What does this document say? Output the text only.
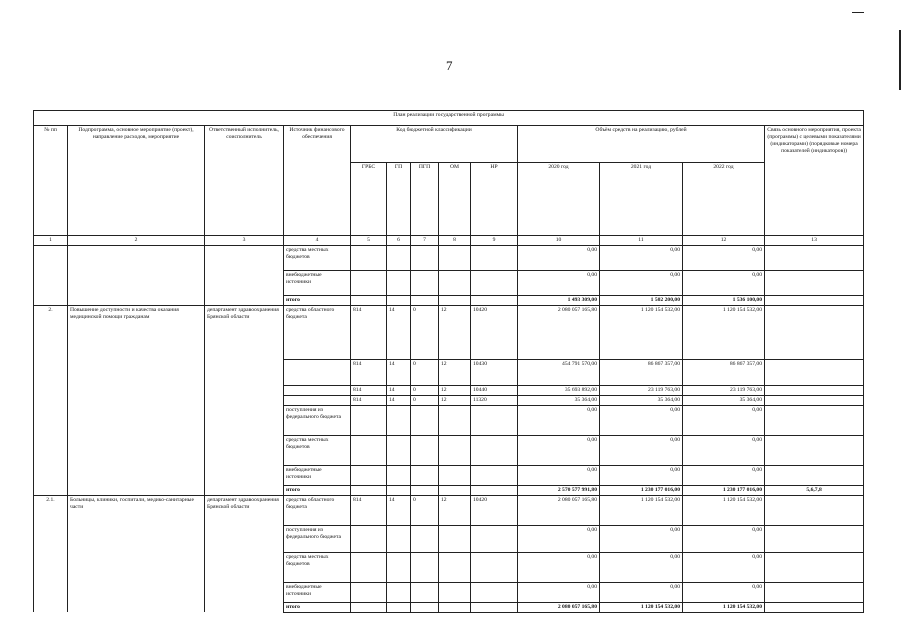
7
План реализации государственной программы												
№ пп	Подпрограмма, основное мероприятие (проект), направление расходов, мероприятие	Ответственный исполнитель, соисполнитель	Источник финансового обеспечения	Код бюджетной классификации					Объём средств на реализацию, рублей			Связь основного мероприятия, проекта (программы) с целевыми показателями (индикаторами) (порядковые номера показателей (индикаторов))
				ГРБС	ГП	ПГП	ОМ	НР	2020 год	2021 год	2022 год	
1	2	3	4	5	6	7	8	9	10	11	12	13
			средства местных бюджетов						0,00	0,00	0,00	
			внебюджетные источники						0,00	0,00	0,00	
			итого						1 493 309,00	1 502 200,00	1 536 100,00	
2.	Повышение доступности и качества оказания медицинской помощи гражданам	департамент здравоохранения Брянской области	средства областного бюджета	814	14	0	12	10420	2 080 057 165,80	1 120 154 532,00	1 120 154 532,00	
				814	14	0	12	10430	454 791 570,00	86 867 357,00	86 867 357,00	
				814	14	0	12	10440	35 693 892,00	23 119 763,00	23 119 763,00	
				814	14	0	12	11320	35 364,00	35 364,00	35 364,00	
			поступления из федерального бюджета						0,00	0,00	0,00	
			средства местных бюджетов						0,00	0,00	0,00	
			внебюджетные источники						0,00	0,00	0,00	
			итого						2 570 577 991,80	1 230 177 016,00	1 230 177 016,00	5,6,7,8
2.1.	Больницы, клиники, госпитали, медико-санитарные части	департамент здравоохранения Брянской области	средства областного бюджета	814	14	0	12	10420	2 080 057 165,80	1 120 154 532,00	1 120 154 532,00	
			поступления из федерального бюджета						0,00	0,00	0,00	
			средства местных бюджетов						0,00	0,00	0,00	
			внебюджетные источники						0,00	0,00	0,00	
			итого						2 080 057 165,80	1 120 154 532,00	1 120 154 532,00	
